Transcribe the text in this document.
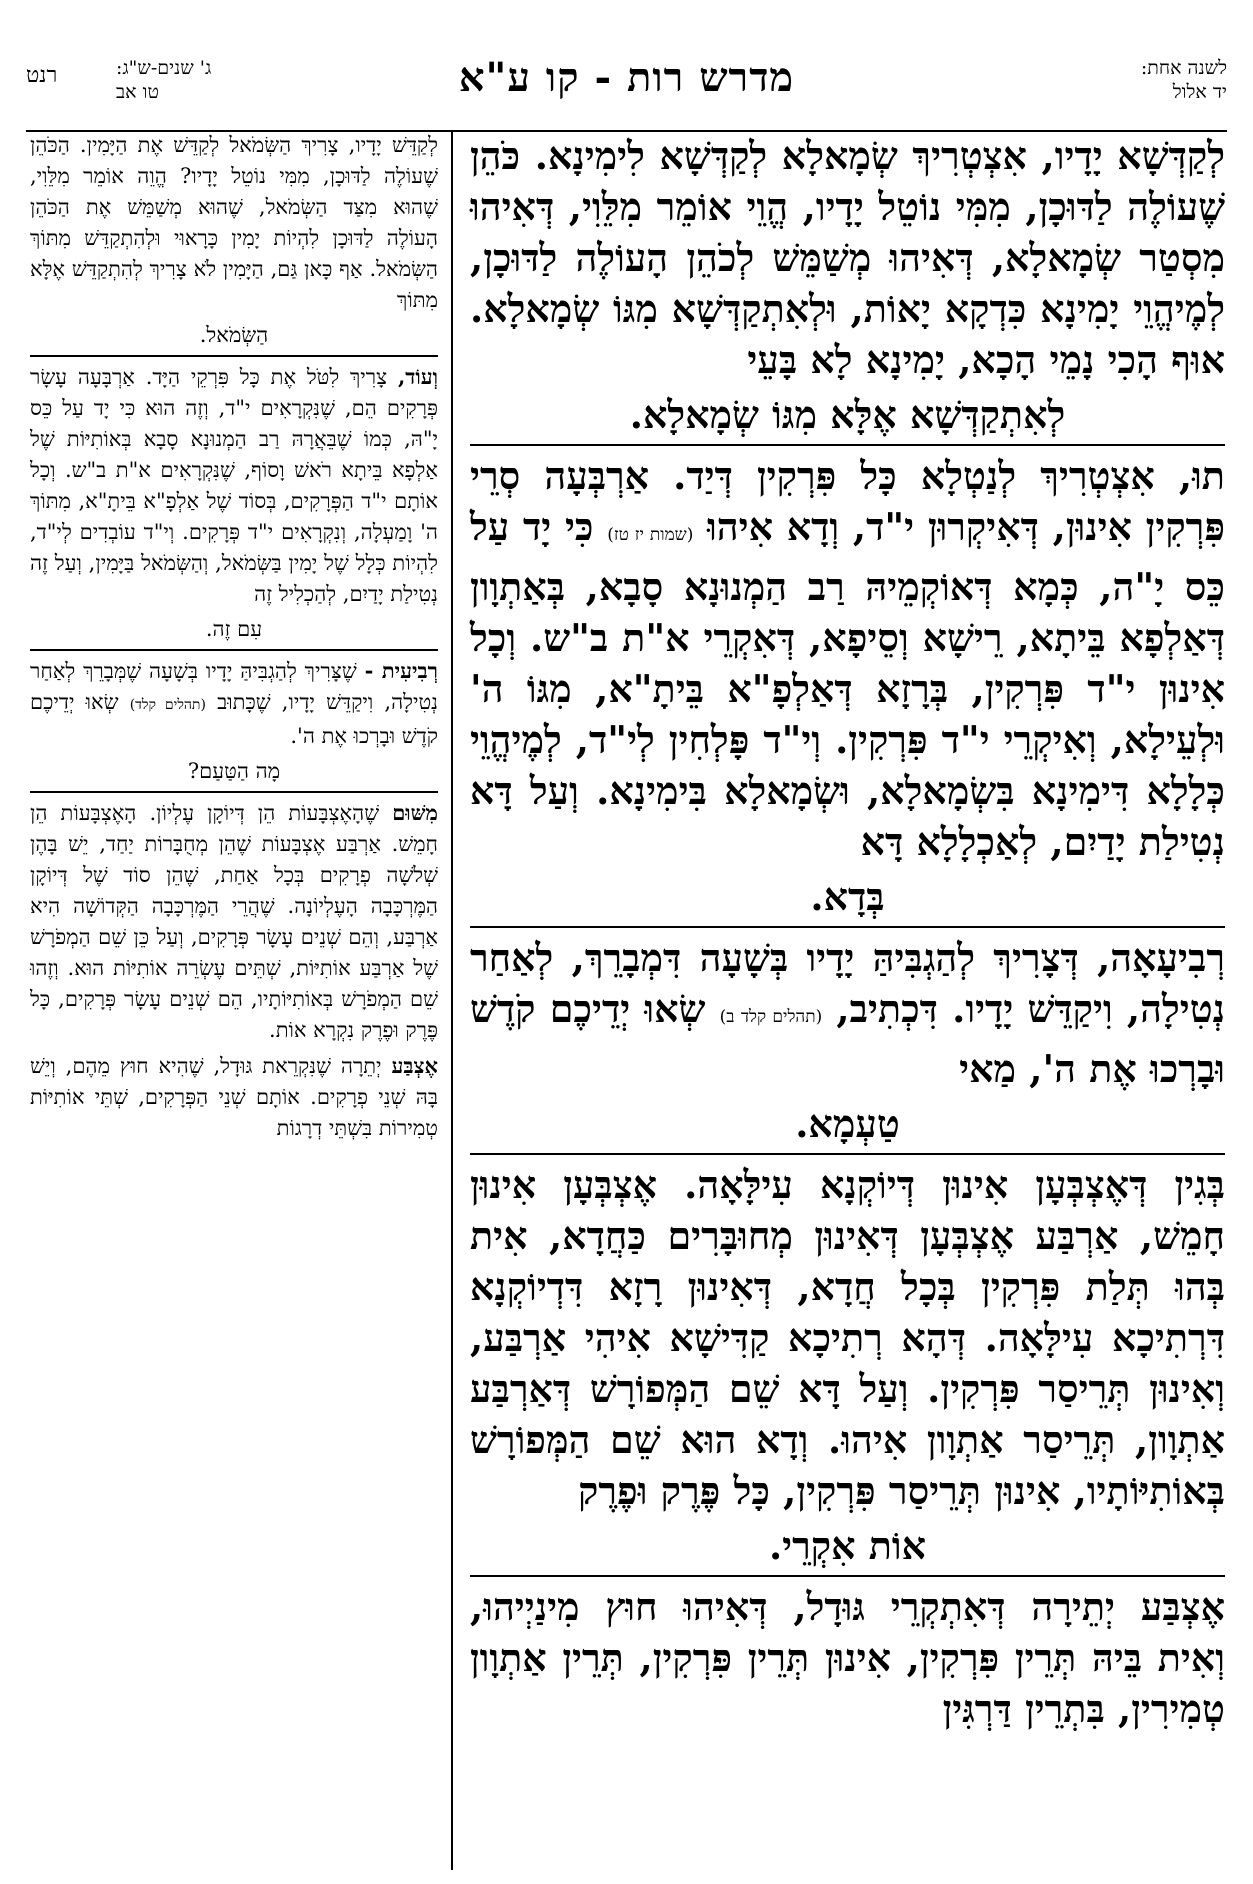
לשנה אחת:
יד אלול
מדרש רות - קו ע"א
ג' שנים-ש"ג:
טו אב
רנט

לְקַדְּשָׁא יָדָיו, אִצְטְרִיךְ שְׂמָאלָא לְקַדְּשָׁא לִימִינָא. כֹּהֵן שֶׁעוֹלֶה לַדּוּכָן, מִמִּי נוֹטֵל יָדָיו, הֱוֵי אוֹמֵר מִלֵּוִי, דְּאִיהוּ מִסְטַר שְׂמָאלָא, דְּאִיהוּ מְשַׁמֵּשׁ לְכֹהֵן הָעוֹלֶה לַדּוּכָן, לְמֶיהֱוֵי יָמִינָא כִּדְקָא יָאוֹת, וּלְאִתְקַדְּשָׁא מִגּוֹ שְׂמָאלָא. אוּף הָכִי נָמֵי הָכָא, יָמִינָא לָא בָּעֵי

לְאִתְקַדְּשָׁא אֶלָּא מִגּוֹ שְׂמָאלָא.

תוּ, אִצְטְרִיךְ לְנַטְלָא כָּל פִּרְקִין דְּיַד. אַרְבְּעָה סְרֵי פִּרְקִין אִינוּן, דְּאִיקְרוּן י"ד, וְדָא אִיהוּ (שמות יז טז) כִּי יָד עַל כֵּס יָ"ה, כְּמָא דְּאוֹקְמֵיהּ רַב הַמְנוּנָא סָבָא, בְּאַתְוָון דְּאַלְפָא בֵּיתָא, רֵישָׁא וְסֵיפָא, דְּאִקְרֵי א"ת ב"ש. וְכָל אִינוּן י"ד פִּרְקִין, בְּרָזָא דְּאַלְפָ"א בֵּיתָ"א, מִגּוֹ ה' וּלְעֵילָא, וְאִיקְרֵי י"ד פִּרְקִין. וְי"ד פָּלְחִין לְי"ד, לְמֶיהֱוֵי כְּלָלָא דִּימִינָא בִּשְׂמָאלָא, וּשְׂמָאלָא בִּימִינָא. וְעַל דָּא נְטִילַת יָדַיִם, לְאַכְלָלָא דָּא

בְּדָא.

רְבִיעָאָה, דְּצָרִיךְ לְהַגְבִּיהַּ יָדָיו בְּשָׁעָה דִּמְבָרֵךְ, לְאַחַר נְטִילָה, וִיקַדֵּשׁ יָדָיו. דִּכְתִיב, (תהלים קלד ב) שְׂאוּ יְדֵיכֶם קֹדֶשׁ וּבָרְכוּ אֶת ה', מַאי

טַעְמָא.

בְּגִין דְּאֶצְבְּעָן אִינוּן דְּיוֹקְנָא עִילָּאָה. אֶצְבְּעָן אִינוּן חָמֵשׁ, אַרְבַּע אֶצְבְּעָן דְּאִינוּן מְחוּבָּרִים כַּחֲדָא, אִית בְּהוּ תְּלַת פִּרְקִין בְּכָל חֲדָא, דְּאִינוּן רָזָא דִּדְיוֹקְנָא דִּרְתִיכָא עִילָּאָה. דְּהָא רְתִיכָא קַדִּישָׁא אִיהִי אַרְבַּע, וְאִינוּן תְּרֵיסַר פִּרְקִין. וְעַל דָּא שֵׁם הַמְּפוֹרָשׁ דְּאַרְבַּע אַתְוָון, תְּרֵיסַר אַתְוָון אִיהוּ. וְדָא הוּא שֵׁם הַמְּפוֹרָשׁ בְּאוֹתִיּוֹתָיו, אִינוּן תְּרֵיסַר פִּרְקִין, כָּל פֶּרֶק וּפֶרֶק

אוֹת אִקְרֵי.

אֶצְבַּע יְתֵירָה דְּאִתְקְרֵי גּוּדָל, דְּאִיהוּ חוּץ מִינַיְיהוּ, וְאִית בֵּיהּ תְּרֵין פִּרְקִין, אִינוּן תְּרֵין פִּרְקִין, תְּרֵין אַתְוָון טְמִירִין, בִּתְרֵין דַּרְגִּין

לְקַדֵּשׁ יָדָיו, צָרִיךְ הַשְּׂמֹאל לְקַדֵּשׁ אֶת הַיָּמִין. הַכֹּהֵן שֶׁעוֹלֶה לַדּוּכָן, מִמִּי נוֹטֵל יָדָיו? הֱוֵה אוֹמֵר מִלֵּוִי, שֶׁהוּא מִצַּד הַשְּׂמֹאל, שֶׁהוּא מְשַׁמֵּשׁ אֶת הַכֹּהֵן הָעוֹלֶה לַדּוּכָן לִהְיוֹת יָמִין כָּרָאוּי וּלְהִתְקַדֵּשׁ מִתּוֹךְ הַשְּׂמֹאל. אַף כָּאן גַּם, הַיָּמִין לֹא צָרִיךְ לְהִתְקַדֵּשׁ אֶלָּא מִתּוֹךְ

הַשְּׂמֹאל.

וְעוֹד, צָרִיךְ לִטֹּל אֶת כָּל פִּרְקֵי הַיָּד. אַרְבָּעָה עָשָׂר פְּרָקִים הֵם, שֶׁנִּקְרָאִים י"ד, וְזֶה הוּא כִּי יָד עַל כֵּס יָ"הּ, כְּמוֹ שֶׁבֵּאֲרָהּ רַב הַמְנוּנָא סָבָא בְּאוֹתִיּוֹת שֶׁל אַלְפָא בֵּיתָא רֹאשׁ וָסוֹף, שֶׁנִּקְרָאִים א"ת ב"ש. וְכָל אוֹתָם י"ד הַפְּרָקִים, בְּסוֹד שֶׁל אַלְפָ"א בֵּיתָ"א, מִתּוֹךְ ה' וָמַעְלָה, וְנִקְרָאִים י"ד פְּרָקִים. וְי"ד עוֹבְדִים לְי"ד, לִהְיוֹת כְּלָל שֶׁל יָמִין בַּשְּׂמֹאל, וְהַשְּׂמֹאל בַּיָּמִין, וְעַל זֶה נְטִילַת יָדַיִם, לְהַכְלִיל זֶה

עִם זֶה.

רְבִיעִית - שֶׁצָּרִיךְ לְהַגְבִּיהַּ יָדָיו בְּשָׁעָה שֶׁמְּבָרֵךְ לְאַחַר נְטִילָה, וִיקַדֵּשׁ יָדָיו, שֶׁכָּתוּב (תהלים קלד) שְׂאוּ יְדֵיכֶם קֹדֶשׁ וּבָרְכוּ אֶת ה'.

מָה הַטַּעַם?

מִשּׁוּם שֶׁהָאֶצְבָּעוֹת הֵן דְּיוֹקָן עֶלְיוֹן. הָאֶצְבָּעוֹת הֵן חָמֵשׁ. אַרְבַּע אֶצְבָּעוֹת שֶׁהֵן מְחֻבָּרוֹת יַחַד, יֵשׁ בָּהֶן שְׁלֹשָׁה פְרָקִים בְּכָל אַחַת, שֶׁהֵן סוֹד שֶׁל דְּיוֹקָן הַמֶּרְכָּבָה הָעֶלְיוֹנָה. שֶׁהֲרֵי הַמֶּרְכָּבָה הַקְּדוֹשָׁה הִיא אַרְבַּע, וְהֵם שְׁנֵים עָשָׂר פְּרָקִים, וְעַל כֵּן שֵׁם הַמְפֹרָשׁ שֶׁל אַרְבַּע אוֹתִיּוֹת, שְׁתֵּים עֶשְׂרֵה אוֹתִיּוֹת הוּא. וְזֶהוּ שֵׁם הַמְפֹרָשׁ בְּאוֹתִיּוֹתָיו, הֵם שְׁנֵים עָשָׂר פְּרָקִים, כָּל פֶּרֶק וּפֶרֶק נִקְרָא אוֹת.

אֶצְבַּע יְתֵרָה שֶׁנִּקְרֵאת גּוּדָל, שֶׁהִיא חוּץ מֵהֶם, וְיֵשׁ בָּהּ שְׁנֵי פְרָקִים. אוֹתָם שְׁנֵי הַפְּרָקִים, שְׁתֵּי אוֹתִיּוֹת טְמִירוֹת בִּשְׁתֵּי דְרָגוֹת
